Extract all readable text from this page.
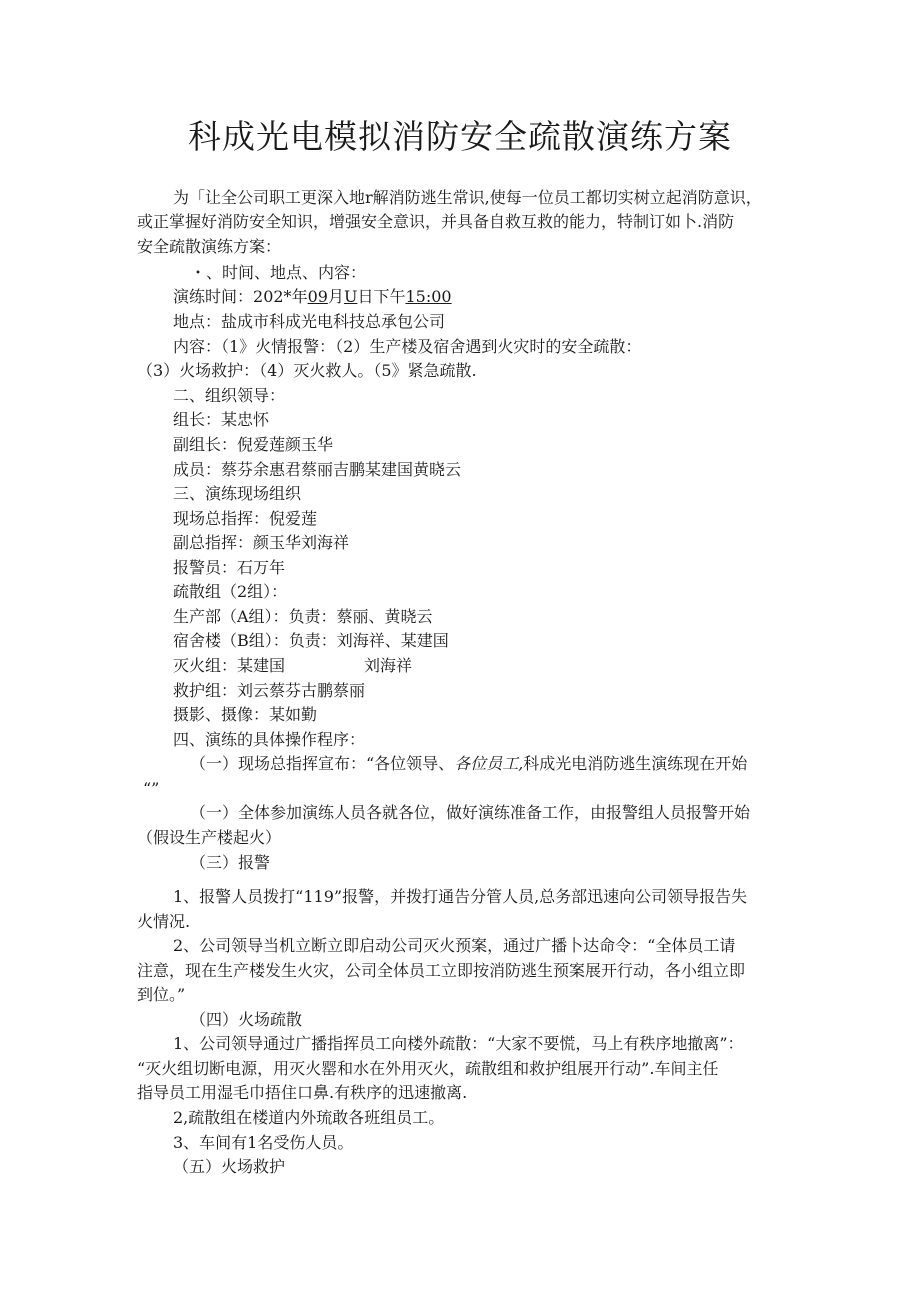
科成光电模拟消防安全疏散演练方案
为「让全公司职工更深入地r解消防逃生常识,使每一位员工都切实树立起消防意识，
或正掌握好消防安全知识，增强安全意识，并具备自救互救的能力，特制订如卜.消防
安全疏散演练方案：
・、时间、地点、内容：
演练时间：202*年09月U日下午15:00
地点：盐成市科成光电科技总承包公司
内容：（1》火情报警：（2）生产楼及宿舍遇到火灾时的安全疏散：
（3）火场救护：（4）灭火救人。（5》紧急疏散.
二、组织领导：
组长：某忠怀
副组长：倪爱莲颜玉华
成员：蔡芬余惠君蔡丽吉鹏某建国黄晓云
三、演练现场组织
现场总指挥：倪爱莲
副总指挥：颜玉华刘海祥
报警员：石万年
疏散组（2组）：
生产部（A组）：负责：蔡丽、黄晓云
宿舍楼（B组）：负责：刘海祥、某建国
灭火组：某建国	刘海祥
救护组：刘云蔡芬古鹏蔡丽
摄影、摄像：某如勤
四、演练的具体操作程序：
（一）现场总指挥宣布：“各位领导、各位员工,科成光电消防逃生演练现在开始
“”
（一）全体参加演练人员各就各位，做好演练准备工作，由报警组人员报警开始
（假设生产楼起火）
（三）报警
1、报警人员拨打“119”报警，并拨打通告分管人员,总务部迅速向公司领导报告失
火情况.
2、公司领导当机立断立即启动公司灭火预案，通过广播卜达命令：“全体员工请
注意，现在生产楼发生火灾，公司全体员工立即按消防逃生预案展开行动，各小组立即
到位。”
（四）火场疏散
1、公司领导通过广播指挥员工向楼外疏散：“大家不要慌，马上有秩序地撤离”：
“灭火组切断电源，用灭火罂和水在外用灭火，疏散组和救护组展开行动”.车间主任
指导员工用湿毛巾捂住口鼻.有秩序的迅速撤离.
2,疏散组在楼道内外琉敢各班组员工。
3、车间有1名受伤人员。
（五）火场救护
